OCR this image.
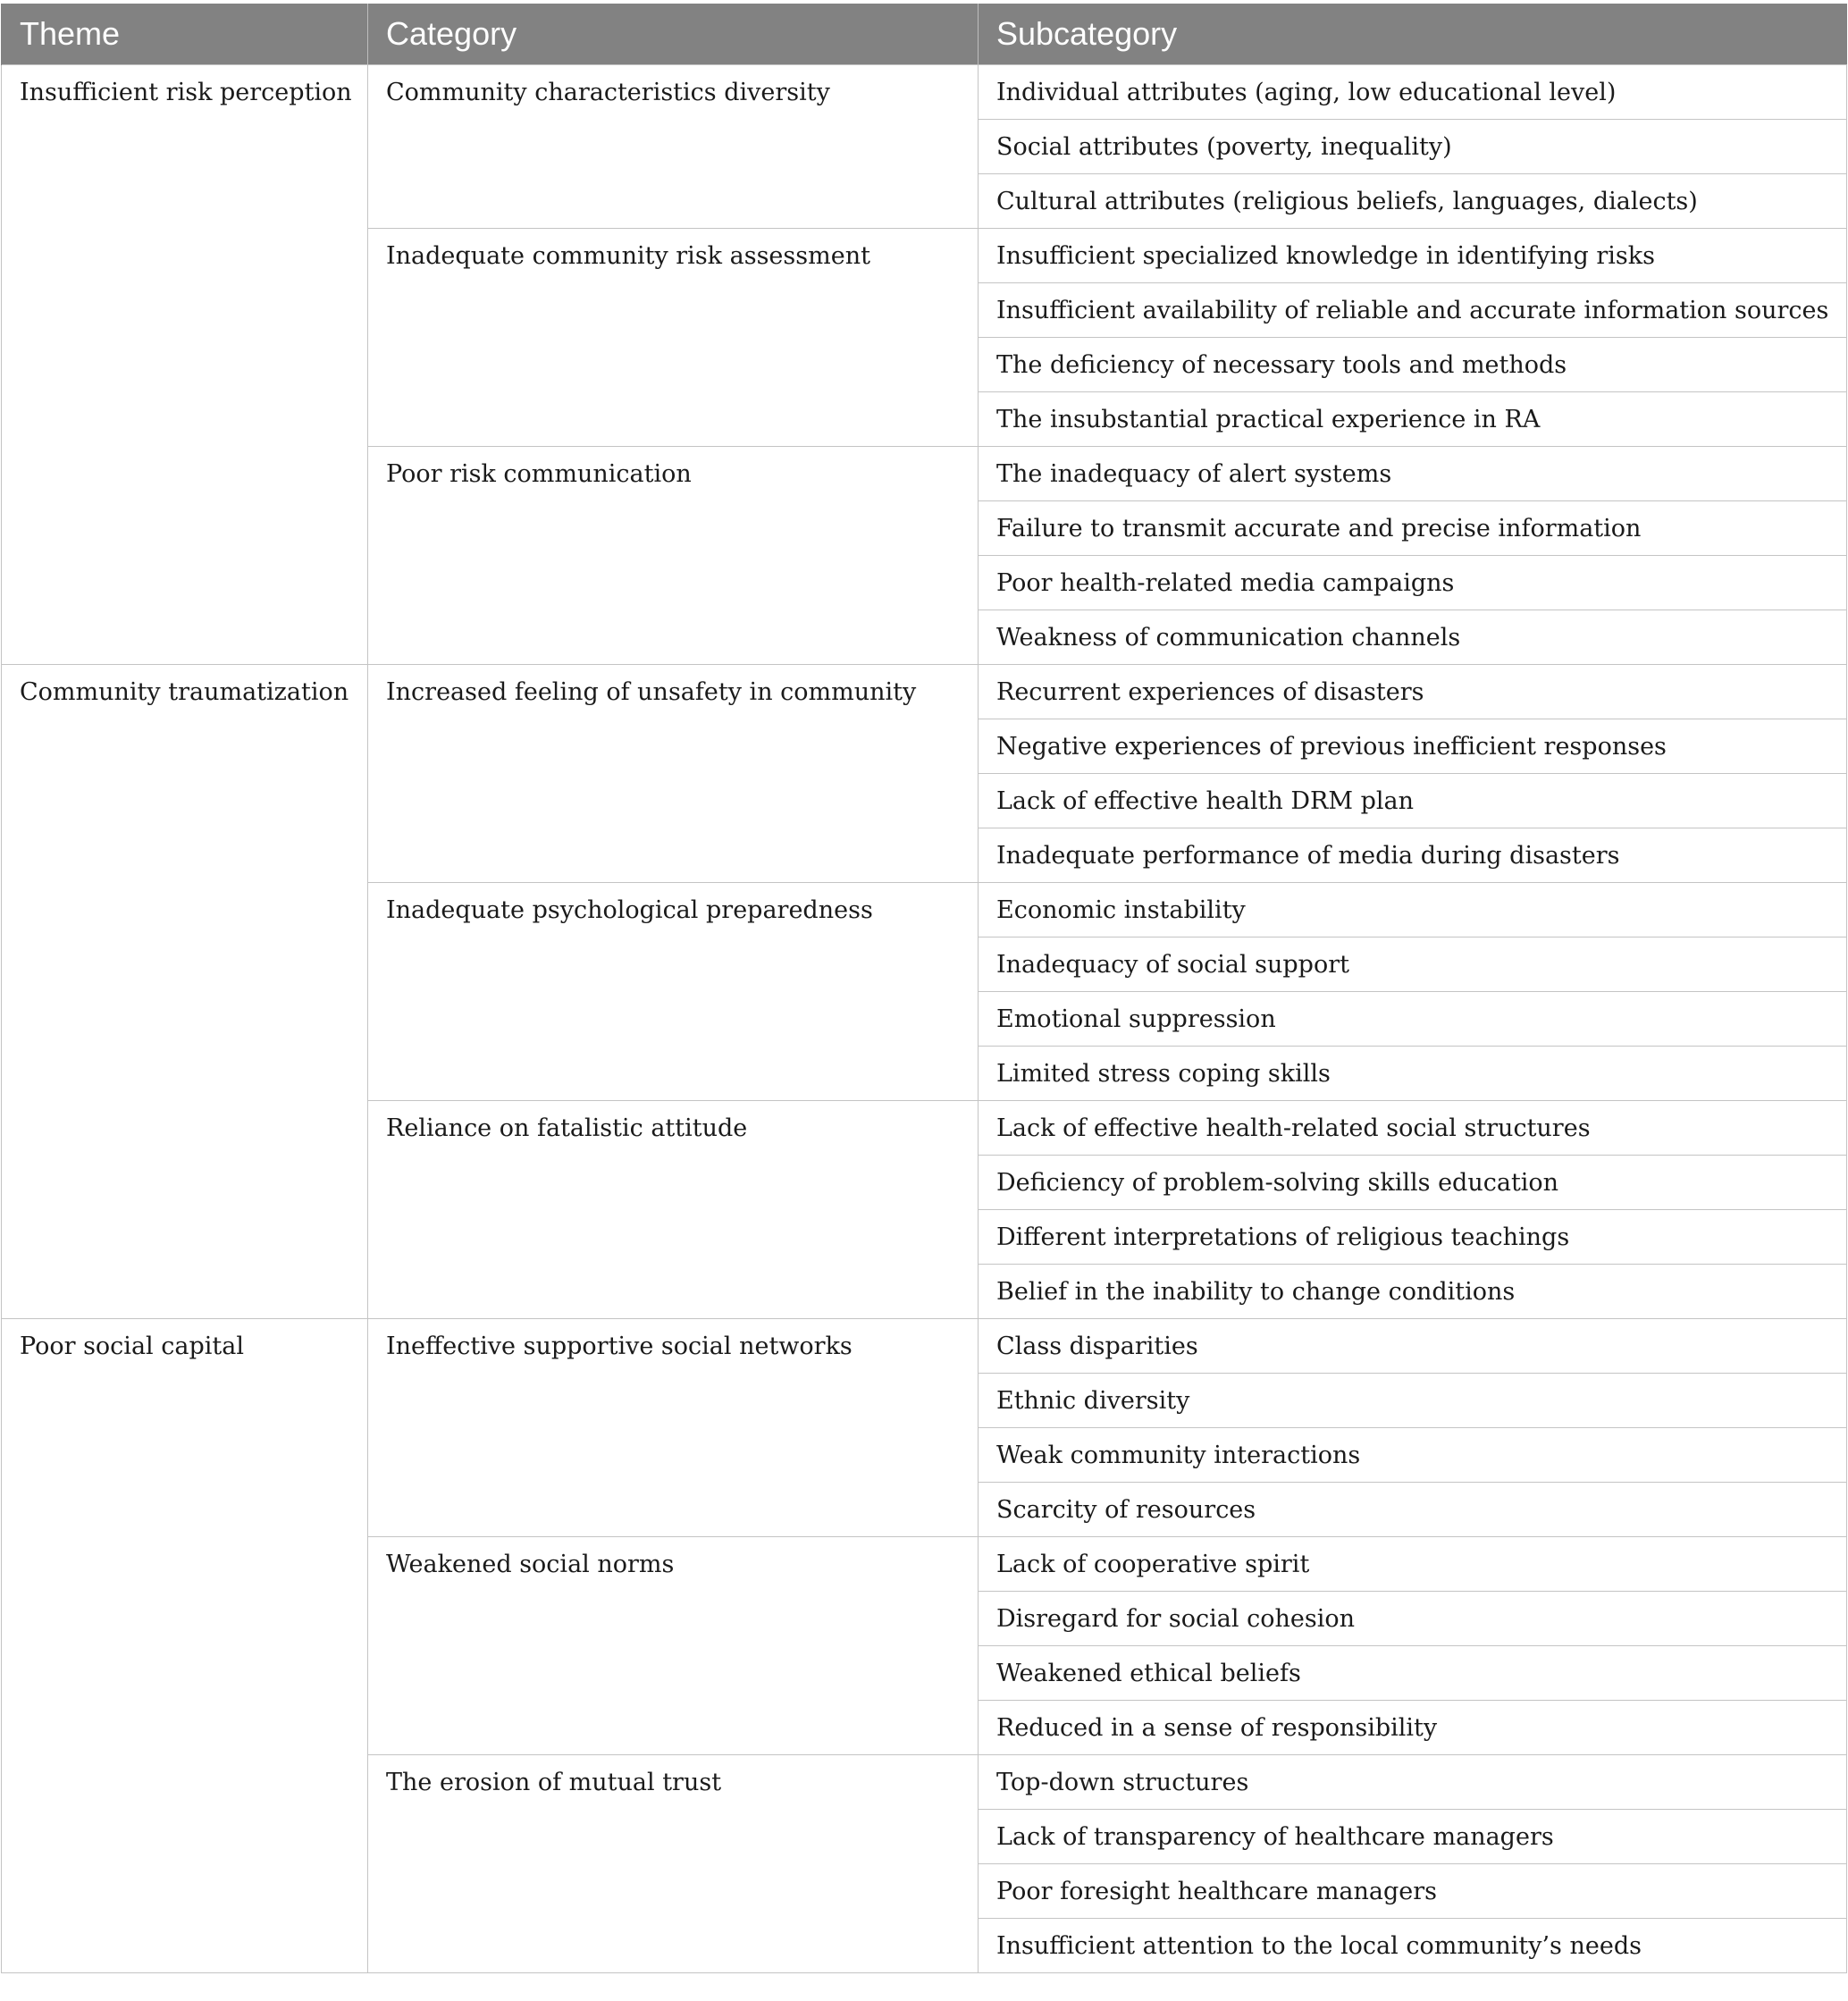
Theme	Category	Subcategory
Insufficient risk perception	Community characteristics diversity	Individual attributes (aging, low educational level)
		Social attributes (poverty, inequality)
		Cultural attributes (religious beliefs, languages, dialects)
	Inadequate community risk assessment	Insufficient specialized knowledge in identifying risks
		Insufficient availability of reliable and accurate information sources
		The deficiency of necessary tools and methods
		The insubstantial practical experience in RA
	Poor risk communication	The inadequacy of alert systems
		Failure to transmit accurate and precise information
		Poor health-related media campaigns
		Weakness of communication channels
Community traumatization	Increased feeling of unsafety in community	Recurrent experiences of disasters
		Negative experiences of previous inefficient responses
		Lack of effective health DRM plan
		Inadequate performance of media during disasters
	Inadequate psychological preparedness	Economic instability
		Inadequacy of social support
		Emotional suppression
		Limited stress coping skills
	Reliance on fatalistic attitude	Lack of effective health-related social structures
		Deficiency of problem-solving skills education
		Different interpretations of religious teachings
		Belief in the inability to change conditions
Poor social capital	Ineffective supportive social networks	Class disparities
		Ethnic diversity
		Weak community interactions
		Scarcity of resources
	Weakened social norms	Lack of cooperative spirit
		Disregard for social cohesion
		Weakened ethical beliefs
		Reduced in a sense of responsibility
	The erosion of mutual trust	Top-down structures
		Lack of transparency of healthcare managers
		Poor foresight healthcare managers
		Insufficient attention to the local community’s needs
